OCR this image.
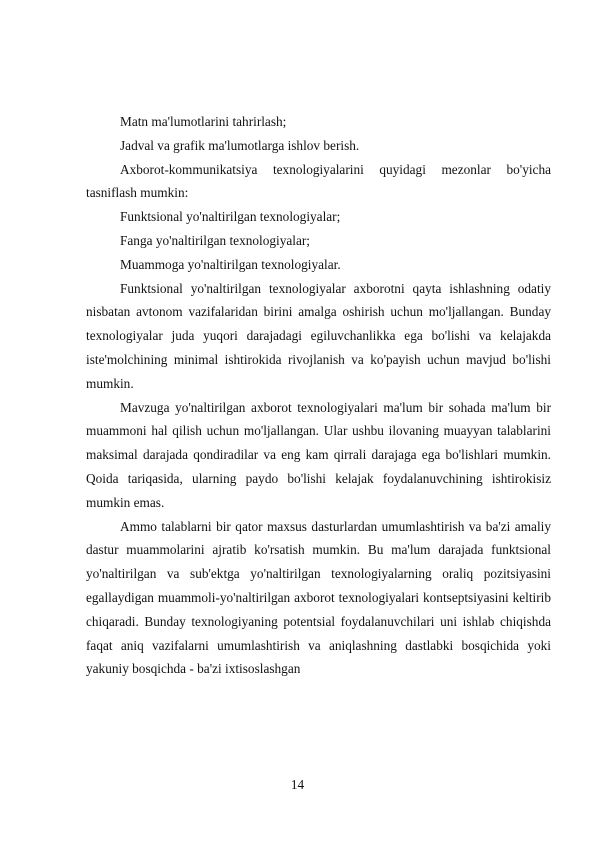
Matn ma'lumotlarini tahrirlash;

Jadval va grafik ma'lumotlarga ishlov berish.

Axborot-kommunikatsiya texnologiyalarini quyidagi mezonlar bo'yicha tasniflash mumkin:

Funktsional yo'naltirilgan texnologiyalar;

Fanga yo'naltirilgan texnologiyalar;

Muammoga yo'naltirilgan texnologiyalar.

Funktsional yo'naltirilgan texnologiyalar axborotni qayta ishlashning odatiy nisbatan avtonom vazifalaridan birini amalga oshirish uchun mo'ljallangan. Bunday texnologiyalar juda yuqori darajadagi egiluvchanlikka ega bo'lishi va kelajakda iste'molchining minimal ishtirokida rivojlanish va ko'payish uchun mavjud bo'lishi mumkin.

Mavzuga yo'naltirilgan axborot texnologiyalari ma'lum bir sohada ma'lum bir muammoni hal qilish uchun mo'ljallangan. Ular ushbu ilovaning muayyan talablarini maksimal darajada qondiradilar va eng kam qirrali darajaga ega bo'lishlari mumkin. Qoida tariqasida, ularning paydo bo'lishi kelajak foydalanuvchining ishtirokisiz mumkin emas.

Ammo talablarni bir qator maxsus dasturlardan umumlashtirish va ba'zi amaliy dastur muammolarini ajratib ko'rsatish mumkin. Bu ma'lum darajada funktsional yo'naltirilgan va sub'ektga yo'naltirilgan texnologiyalarning oraliq pozitsiyasini egallaydigan muammoli-yo'naltirilgan axborot texnologiyalari kontseptsiyasini keltirib chiqaradi. Bunday texnologiyaning potentsial foydalanuvchilari uni ishlab chiqishda faqat aniq vazifalarni umumlashtirish va aniqlashning dastlabki bosqichida yoki yakuniy bosqichda - ba'zi ixtisoslashgan

14
